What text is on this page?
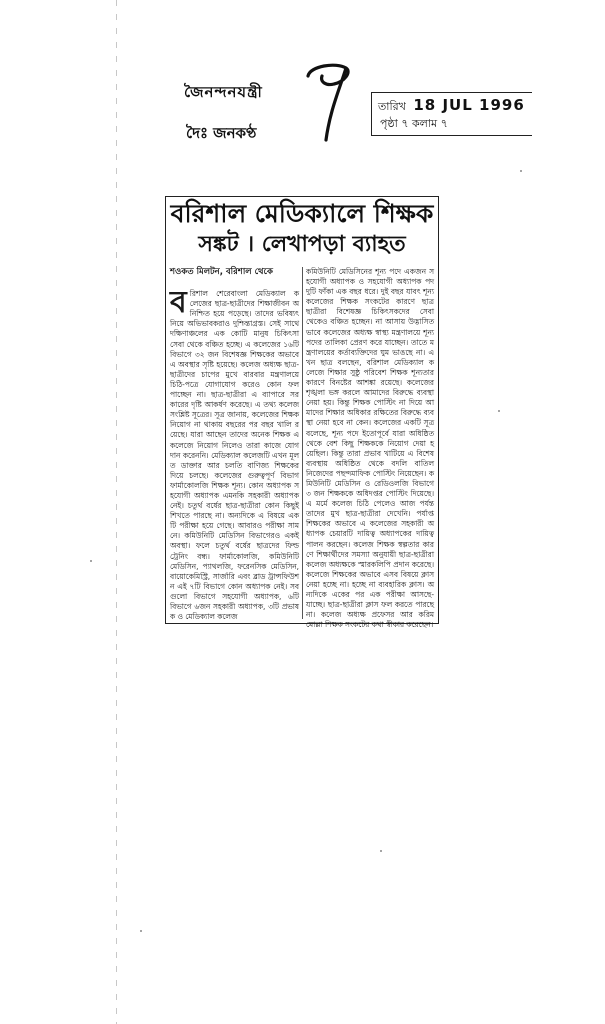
জৈনন্দনযন্ত্রী
দৈঃ জনকণ্ঠ
তারিখ 18 JUL 1996
পৃষ্ঠা ৭ কলাম ৭
বরিশাল মেডিক্যালে শিক্ষক
সঙ্কট । লেখাপড়া ব্যাহত
শওকত মিলটন, বরিশাল থেকে
ব রিশাল শেরেবাংলা মেডিক্যাল কলেজের ছাত্র-ছাত্রীদের শিক্ষাজীবন অনিশ্চিত হয়ে পড়েছে। তাদের ভবিষ্যৎ নিয়ে অভিভাবকরাও দুশ্চিন্তাগ্রস্ত। সেই সাথে দক্ষিণাঞ্চলের এক কোটি মানুষ চিকিৎসা সেবা থেকে বঞ্চিত হচ্ছে। এ কলেজের ১৬টি বিভাগে ৩২ জন বিশেষজ্ঞ শিক্ষকের অভাবে এ অবস্থার সৃষ্টি হয়েছে। কলেজ অধ্যক্ষ ছাত্র-ছাত্রীদের চাপের মুখে বারবার মন্ত্রণালয়ে চিঠি-পত্রে যোগাযোগ করেও কোন ফল পাচ্ছেন না। ছাত্র-ছাত্রীরা এ ব্যাপারে সরকারের দৃষ্টি আকর্ষণ করেছে। এ তথ্য কলেজ সংশ্লিষ্ট সূত্রের। সূত্র জানায়, কলেজের শিক্ষক নিয়োগ না থাকায় বছরের পর বছর খালি রয়েছে। যারা আছেন তাদের অনেক শিক্ষক এ কলেজে নিয়োগ নিলেও তারা কাজে যোগদান করেননি। মেডিক্যাল কলেজটি এখন মূলত ডাক্তার আর চলতি বাণিজ্য শিক্ষকের দিয়ে চলছে। কলেজের গুরুত্বপূর্ণ বিভাগ ফার্মাকোলজি শিক্ষক শূন্য। কোন অধ্যাপক সহযোগী অধ্যাপক এমনকি সহকারী অধ্যাপক নেই। চতুর্থ বর্ষের ছাত্র-ছাত্রীরা কোন কিছুই শিখতে পারছে না। অন্যদিকে এ বিষয়ে একটি পরীক্ষা হয়ে গেছে। আবারও পরীক্ষা সামনে। কমিউনিটি মেডিসিন বিভাগেরও একই অবস্থা। ফলে চতুর্থ বর্ষের ছাত্রদের ফিল্ড ট্রেনিং বন্ধ। ফার্মাকোলজি, কমিউনিটি মেডিসিন, প্যাথলজি, ফরেনসিক মেডিসিন, বায়োকেমিস্ট্রি, সার্জারি এবং ব্লাড ট্রান্সফিউশন এই ৭টি বিভাগে কোন অধ্যাপক নেই। সবগুলো বিভাগে সহযোগী অধ্যাপক, ৬টি বিভাগে ৬জন সহকারী অধ্যাপক, ৩টি প্রভাষক ও মেডিক্যাল কলেজ
কমিউনিটি মেডিসিনের শূন্য পদে একজন সহযোগী অধ্যাপক ও সহযোগী অধ্যাপক পদ দুটি ফাঁকা এক বছর ধরে। দুই বছর যাবৎ শূন্য কলেজের শিক্ষক সংকটের কারণে ছাত্রছাত্রীরা বিশেষজ্ঞ চিকিৎসকদের সেবা থেকেও বঞ্চিত হচ্ছেন। না আসায় উদ্ভাসিতভাবে কলেজের অধ্যক্ষ স্বাস্থ্য মন্ত্রণালয়ে শূন্য পদের তালিকা প্রেরণ করে যাচ্ছেন। তাতে মন্ত্রণালয়ের কর্তাব্যক্তিদের ঘুম ভাঙছে না। এখন ছাত্র বলছেন, বরিশাল মেডিক্যাল কলেজে শিক্ষার সুষ্ঠু পরিবেশ শিক্ষক শূন্যতার কারণে বিনষ্টের আশঙ্কা রয়েছে। কলেজের শৃঙ্খলা ভঙ্গ করলে আমাদের বিরুদ্ধে ব্যবস্থা নেয়া হয়। কিন্তু শিক্ষক পোস্টিং না দিয়ে আমাদের শিক্ষার অধিকার রক্ষিতের বিরুদ্ধে ব্যবস্থা নেয়া হবে না কেন। কলেজের একটি সূত্র বলেছে, শূন্য পদে ইতোপূর্বে যারা অধিষ্ঠিত থেকে বেশ কিছু শিক্ষককে নিয়োগ দেয়া হয়েছিল। কিন্তু তারা প্রভাব খাটিয়ে এ বিশেষ ব্যবস্থায় অধিষ্ঠিত থেকে বদলি বাতিল নিজেদের পছন্দমাফিক পোস্টিং নিয়েছেন। কমিউনিটি মেডিসিন ও রেডিওলজি বিভাগে ৩ জন শিক্ষককে অধিদপ্তর পোস্টিং দিয়েছে। এ মর্মে কলেজ চিঠি পেলেও আজ পর্যন্ত তাদের মুখ ছাত্র-ছাত্রীরা দেখেনি। পর্যাপ্ত শিক্ষকের অভাবে এ কলেজের সহকারী অধ্যাপক চেয়ারটি দায়িত্ব অধ্যাপকের দায়িত্ব পালন করছেন। কলেজ শিক্ষক স্বল্পতার কারণে শিক্ষার্থীদের সমস্যা অনুযায়ী ছাত্র-ছাত্রীরা কলেজ অধ্যক্ষকে স্মারকলিপি প্রদান করেছে। কলেজে শিক্ষকের অভাবে এসব বিষয়ে ক্লাস নেয়া হচ্ছে না। হচ্ছে না ব্যবহারিক ক্লাস। অন্যদিকে একের পর এক পরীক্ষা আসছে-যাচ্ছে। ছাত্র-ছাত্রীরা ক্লাস ফল করতে পারছে না। কলেজ অধ্যক্ষ প্রফেসর আর করিম মোল্লা শিক্ষক সংকটের কথা স্বীকার করেছেন।
